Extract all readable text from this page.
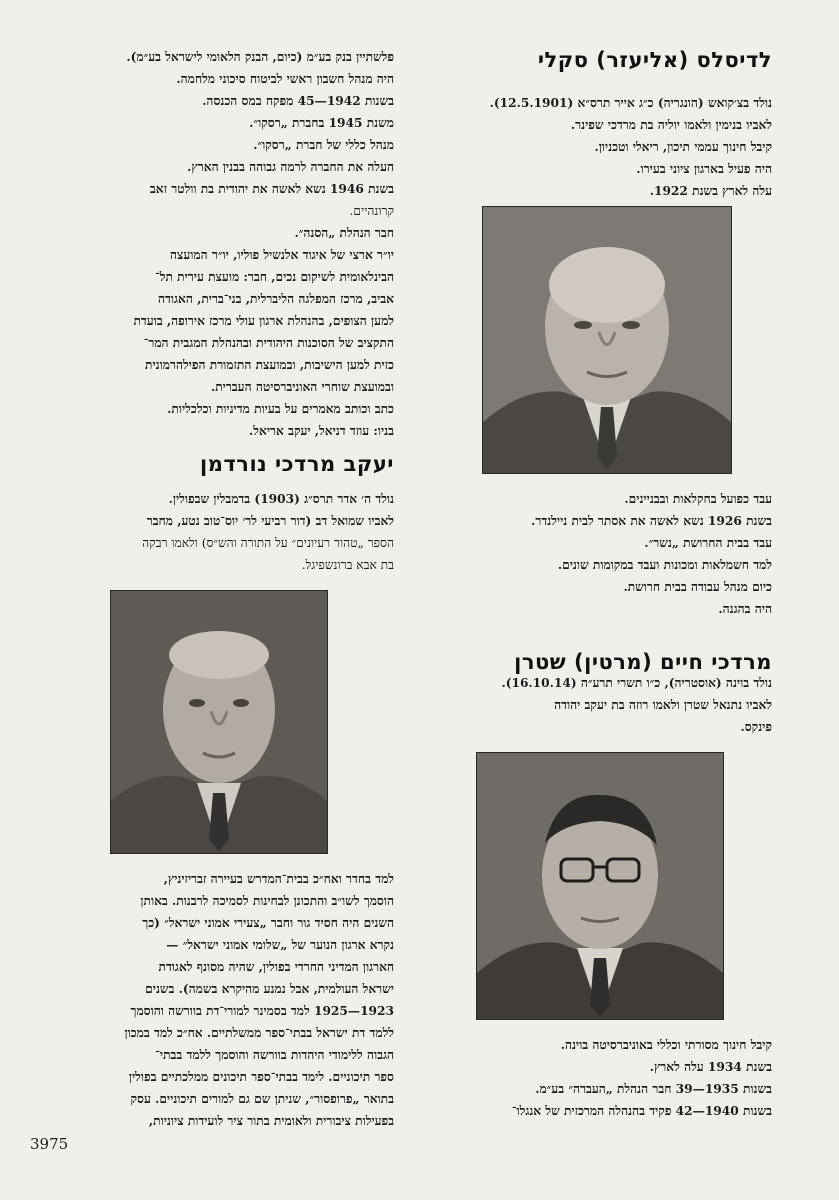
לדיסלס (אליעזר) סקלי

נולד בצ׳קואש (הונגריה) כ״ג אייר תרס״א (12.5.1901).

לאביו בנימין ולאמו יוליה בת מרדכי שפינר.

קיבל חינוך עממי תיכון, ריאלי וטכניון.

היה פעיל בארגון ציוני בעירו.

עלה לארץ בשנת 1922.

עבד כפועל בחקלאות ובבניינים.

בשנת 1926 נשא לאשה את אסתר לבית ניילנדר.

עבד בבית החרושת „נשר״.

למד חשמלאות ומכונות ועבד במקומות שונים.

כיום מנהל עבודה בבית חרושת.

היה בהגנה.

מרדכי חיים (מרטין) שטרן

נולד בוינה (אוסטריה), כ״ו תשרי תרע״ה (16.10.14).

לאביו נתנאל שטרן ולאמו רוזה בת יעקב יהודה

פינקס.

קיבל חינוך מסורתי וכללי באוניברסיטה בוינה.

בשנת 1934 עלה לארץ.

בשנות 1935—39 חבר הנהלת „העברה״ בע״מ.

בשנות 1940—42 פקיד בהנהלה המרכזית של אנגלו־

פלשתיין בנק בע״מ (כיום, הבנק הלאומי לישראל בע״מ).

היה מנהל חשבון ראשי לביטוח סיכוני מלחמה.

בשנות 1942—45 מפקח במס הכנסה.

משנת 1945 בחברת „רסקו״.

מנהל כללי של חברת „רסקו״.

העלה את החברה לרמה גבוהה בבנין הארץ.

בשנת 1946 נשא לאשה את יהודית בת וולטר זאב

קרונהיים.

חבר הנהלת „הסנה״.

יו״ר ארצי של איגוד אלנשיל פוליו, יו״ר המועצה

הבינלאומית לשיקום נכים, חבר: מועצת עירית תל־

אביב, מרכז המפלגה הליברלית, בני־ברית, האגודה

למען הצופים, בהנהלת ארגון עולי מרכז אירופה, בועדת

התקציב של הסוכנות היהודית ובהנהלת המגבית המר־

כזית למען הישיבות, ובמועצת התזמורת הפילהרמונית

ובמועצת שוחרי האוניברסיטה העברית.

כתב וכותב מאמרים על בעיות מדיניות וכלכליות.

בניו: עוזד דניאל, יעקב אריאל.

יעקב מרדכי נורדמן

נולד ה׳ אדר תרס״ג (1903) בדמבלין שבפולין.

לאביו שמואל דב (דור רביעי לר׳ יוס־טוב נטע, מחבר

הספר „טהור רעיונים״ על התורה והש״ס) ולאמו רבקה

בת אבא ברונשפיגל.

למד בחדר ואח״כ בבית־המדרש בעיירה זבריזיניץ,

הוסמך לשו״ב והתכונן לבחינות לסמיכה לרבנות. באותן

השנים היה חסיד גור וחבר „צעירי אמוני ישראל״ (כך

נקרא ארגון הנוער של „שלומי אמוני ישראל״ —

הארגון המדיני החרדי בפולין, שהיה מסונף לאגודת

ישראל העולמית, אבל נמנע מהיקרא בשמה). בשנים

1923—1925 למד בסמינר למורי־דת בוורשה והוסמך

ללמד דת ישראל בבתי־ספר ממשלתיים. אח״כ למד במכון

הגבוה ללימודי היהדות בוורשה והוסמך ללמד בבתי־

ספר תיכוניים. לימד בבתי־ספר תיכונים ממלכתיים בפולין

בתואר „פרופסור״, שניתן שם גם למורים תיכוניים. עסק

בפעילות ציבורית ולאומית בתור ציר לועידות ציוניות,

3975
